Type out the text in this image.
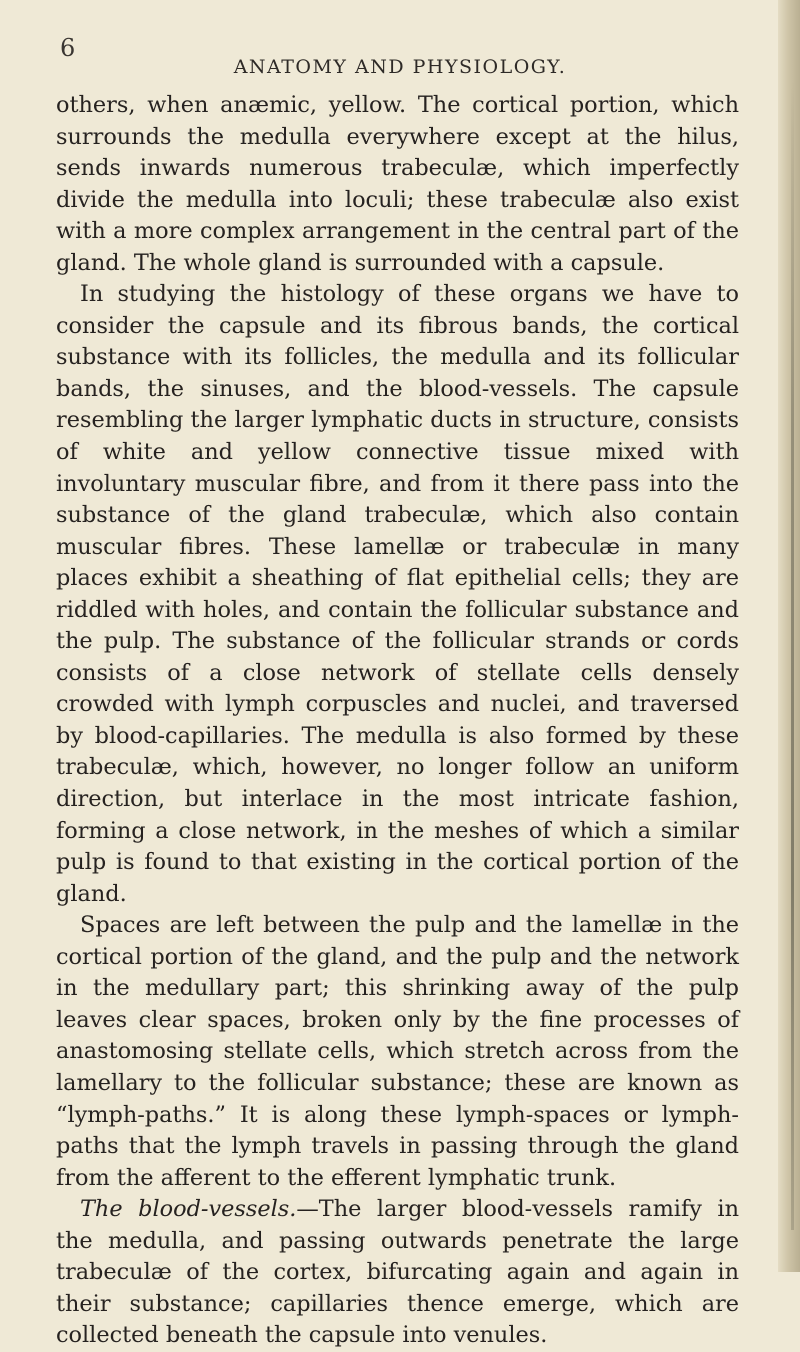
6
ANATOMY AND PHYSIOLOGY.

others, when anæmic, yellow. The cortical portion, which surrounds the medulla everywhere except at the hilus, sends inwards numerous trabeculæ, which imperfectly divide the medulla into loculi; these trabeculæ also exist with a more complex arrangement in the central part of the gland. The whole gland is surrounded with a capsule.

In studying the histology of these organs we have to consider the capsule and its fibrous bands, the cortical substance with its follicles, the medulla and its follicular bands, the sinuses, and the blood-vessels. The capsule resembling the larger lymphatic ducts in structure, consists of white and yellow connective tissue mixed with involuntary muscular fibre, and from it there pass into the substance of the gland trabeculæ, which also contain muscular fibres. These lamellæ or trabeculæ in many places exhibit a sheathing of flat epithelial cells; they are riddled with holes, and contain the follicular substance and the pulp. The substance of the follicular strands or cords consists of a close network of stellate cells densely crowded with lymph corpuscles and nuclei, and traversed by blood-capillaries. The medulla is also formed by these trabeculæ, which, however, no longer follow an uniform direction, but interlace in the most intricate fashion, forming a close network, in the meshes of which a similar pulp is found to that existing in the cortical portion of the gland.

Spaces are left between the pulp and the lamellæ in the cortical portion of the gland, and the pulp and the network in the medullary part; this shrinking away of the pulp leaves clear spaces, broken only by the fine processes of anastomosing stellate cells, which stretch across from the lamellary to the follicular substance; these are known as “lymph-paths.” It is along these lymph-spaces or lymph-paths that the lymph travels in passing through the gland from the afferent to the efferent lymphatic trunk.

The blood-vessels.—The larger blood-vessels ramify in the medulla, and passing outwards penetrate the large trabeculæ of the cortex, bifurcating again and again in their substance; capillaries thence emerge, which are collected beneath the capsule into venules.
